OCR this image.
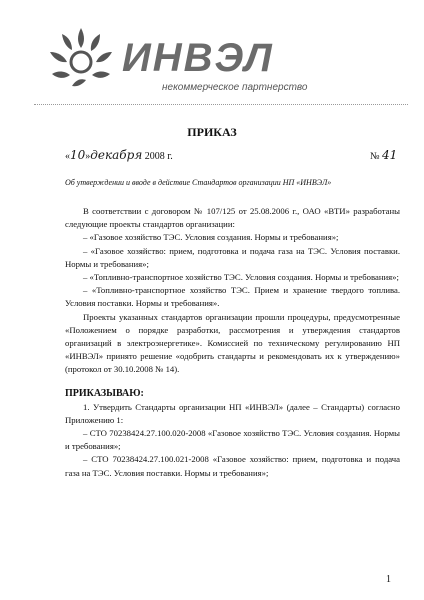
ИНВЭЛ
некоммерческое партнерство
ПРИКАЗ
«10»декабря 2008 г.	№ 41
Об утверждении и вводе в действие Стандартов организации НП «ИНВЭЛ»

В соответствии с договором № 107/125 от 25.08.2006 г., ОАО «ВТИ» разработаны следующие проекты стандартов организации:

– «Газовое хозяйство ТЭС. Условия создания. Нормы и требования»;

– «Газовое хозяйство: прием, подготовка и подача газа на ТЭС. Условия поставки. Нормы и требования»;

– «Топливно-транспортное хозяйство ТЭС. Условия создания. Нормы и требования»;

– «Топливно-транспортное хозяйство ТЭС. Прием и хранение твердого топлива. Условия поставки. Нормы и требования».

Проекты указанных стандартов организации прошли процедуры, предусмотренные «Положением о порядке разработки, рассмотрения и утверждения стандартов организаций в электроэнергетике». Комиссией по техническому регулированию НП «ИНВЭЛ» принято решение «одобрить стандарты и рекомендовать их к утверждению» (протокол от 30.10.2008 № 14).

ПРИКАЗЫВАЮ:

1. Утвердить Стандарты организации НП «ИНВЭЛ» (далее – Стандарты) согласно Приложению 1:

– СТО 70238424.27.100.020-2008 «Газовое хозяйство ТЭС. Условия создания. Нормы и требования»;

– СТО 70238424.27.100.021-2008 «Газовое хозяйство: прием, подготовка и подача газа на ТЭС. Условия поставки. Нормы и требования»;

1
